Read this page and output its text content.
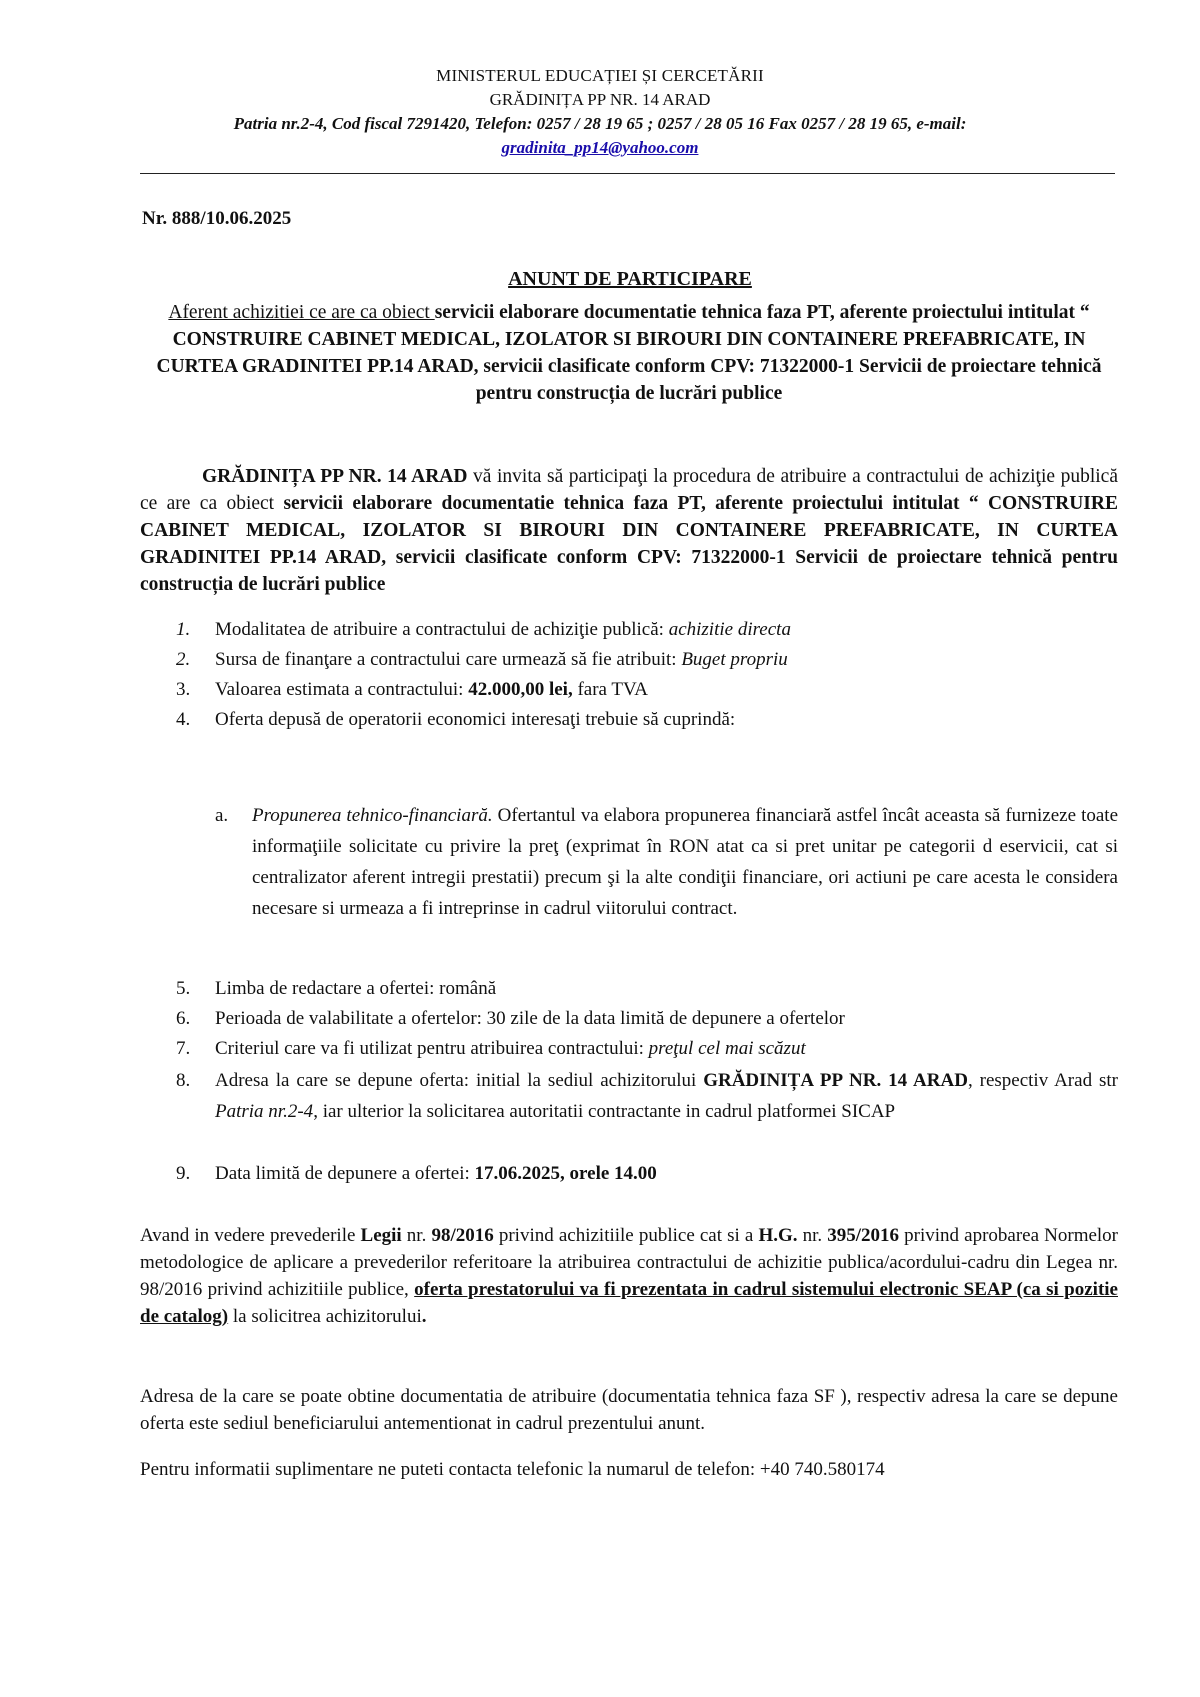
MINISTERUL EDUCAȚIEI ȘI CERCETĂRII
GRĂDINIȚA PP NR. 14 ARAD
Patria nr.2-4, Cod fiscal 7291420, Telefon: 0257 / 28 19 65 ; 0257 / 28 05 16 Fax 0257 / 28 19 65, e-mail:
gradinita_pp14@yahoo.com
Nr. 888/10.06.2025
ANUNT DE PARTICIPARE
Aferent achizitiei ce are ca obiect servicii elaborare documentatie tehnica faza PT, aferente proiectului intitulat “ CONSTRUIRE CABINET MEDICAL, IZOLATOR SI BIROURI DIN CONTAINERE PREFABRICATE, IN CURTEA GRADINITEI PP.14 ARAD, servicii clasificate conform CPV: 71322000-1 Servicii de proiectare tehnică pentru construcția de lucrări publice
GRĂDINIȚA PP NR. 14 ARAD vă invita să participaţi la procedura de atribuire a contractului de achiziţie publică ce are ca obiect servicii elaborare documentatie tehnica faza PT, aferente proiectului intitulat “ CONSTRUIRE CABINET MEDICAL, IZOLATOR SI BIROURI DIN CONTAINERE PREFABRICATE, IN CURTEA GRADINITEI PP.14 ARAD, servicii clasificate conform CPV: 71322000-1 Servicii de proiectare tehnică pentru construcția de lucrări publice
1. Modalitatea de atribuire a contractului de achiziţie publică: achizitie directa
2. Sursa de finanţare a contractului care urmează să fie atribuit: Buget propriu
3. Valoarea estimata a contractului: 42.000,00 lei, fara TVA
4. Oferta depusă de operatorii economici interesaţi trebuie să cuprindă:
a. Propunerea tehnico-financiară. Ofertantul va elabora propunerea financiară astfel încât aceasta să furnizeze toate informaţiile solicitate cu privire la preţ (exprimat în RON atat ca si pret unitar pe categorii d eservicii, cat si centralizator aferent intregii prestatii) precum şi la alte condiţii financiare, ori actiuni pe care acesta le considera necesare si urmeaza a fi intreprinse in cadrul viitorului contract.
5. Limba de redactare a ofertei: română
6. Perioada de valabilitate a ofertelor: 30 zile de la data limită de depunere a ofertelor
7. Criteriul care va fi utilizat pentru atribuirea contractului: preţul cel mai scăzut
8. Adresa la care se depune oferta: initial la sediul achizitorului GRĂDINIȚA PP NR. 14 ARAD, respectiv Arad str Patria nr.2-4, iar ulterior la solicitarea autoritatii contractante in cadrul platformei SICAP
9. Data limită de depunere a ofertei: 17.06.2025, orele 14.00
Avand in vedere prevederile Legii nr. 98/2016 privind achizitiile publice cat si a H.G. nr. 395/2016 privind aprobarea Normelor metodologice de aplicare a prevederilor referitoare la atribuirea contractului de achizitie publica/acordului-cadru din Legea nr. 98/2016 privind achizitiile publice, oferta prestatorului va fi prezentata in cadrul sistemului electronic SEAP (ca si pozitie de catalog) la solicitrea achizitorului.
Adresa de la care se poate obtine documentatia de atribuire (documentatia tehnica faza SF ), respectiv adresa la care se depune oferta este sediul beneficiarului antementionat in cadrul prezentului anunt.
Pentru informatii suplimentare ne puteti contacta telefonic la numarul de telefon: +40 740.580174
